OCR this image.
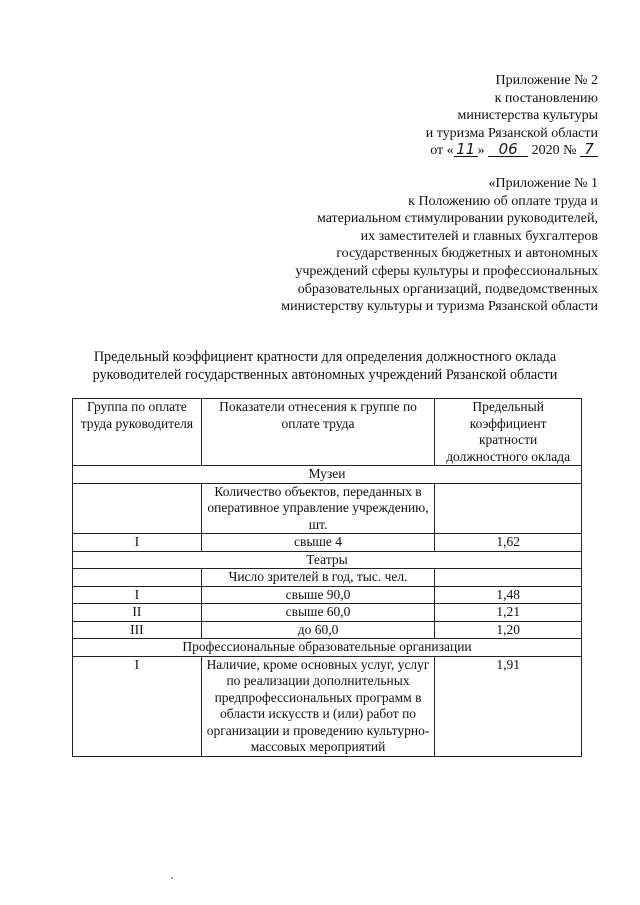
Приложение № 2
к постановлению
министерства культуры
и туризма Рязанской области
от « 11 » 06 2020 № 7
«Приложение № 1
к Положению об оплате труда и
материальном стимулировании руководителей,
их заместителей и главных бухгалтеров
государственных бюджетных и автономных
учреждений сферы культуры и профессиональных
образовательных организаций, подведомственных
министерству культуры и туризма Рязанской области
Предельный коэффициент кратности для определения должностного оклада
руководителей государственных автономных учреждений Рязанской области
Группа по оплате труда руководителя	Показатели отнесения к группе по оплате труда	Предельный коэффициент кратности должностного оклада
Музеи		
	Количество объектов, переданных в оперативное управление учреждению, шт.	
I	свыше 4	1,62
Театры		
	Число зрителей в год, тыс. чел.	
I	свыше 90,0	1,48
II	свыше 60,0	1,21
III	до 60,0	1,20
Профессиональные образовательные организации		
I	Наличие, кроме основных услуг, услуг по реализации дополнительных предпрофессиональных программ в области искусств и (или) работ по организации и проведению культурно-массовых мероприятий	1,91
